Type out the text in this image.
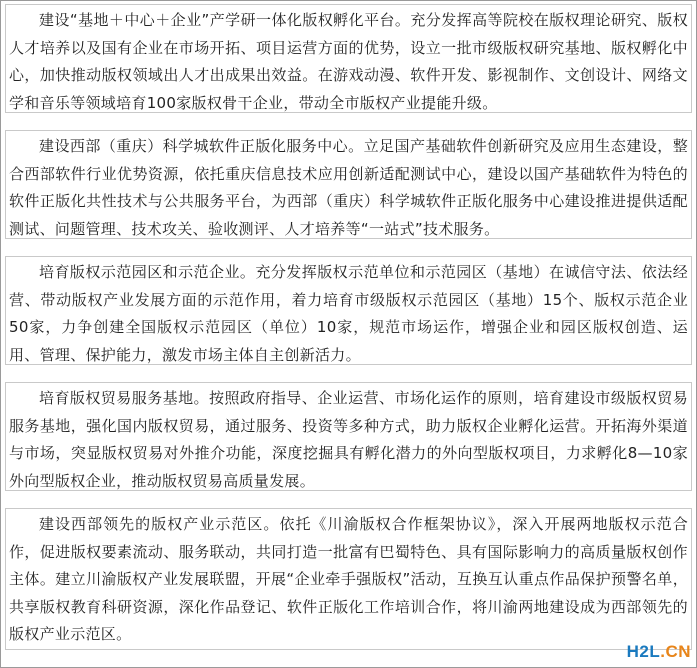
建设“基地＋中心＋企业”产学研一体化版权孵化平台。充分发挥高等院校在版权理论研究、版权人才培养以及国有企业在市场开拓、项目运营方面的优势，设立一批市级版权研究基地、版权孵化中心，加快推动版权领域出人才出成果出效益。在游戏动漫、软件开发、影视制作、文创设计、网络文学和音乐等领域培育100家版权骨干企业，带动全市版权产业提能升级。

建设西部（重庆）科学城软件正版化服务中心。立足国产基础软件创新研究及应用生态建设，整合西部软件行业优势资源，依托重庆信息技术应用创新适配测试中心，建设以国产基础软件为特色的软件正版化共性技术与公共服务平台，为西部（重庆）科学城软件正版化服务中心建设推进提供适配测试、问题管理、技术攻关、验收测评、人才培养等“一站式”技术服务。

培育版权示范园区和示范企业。充分发挥版权示范单位和示范园区（基地）在诚信守法、依法经营、带动版权产业发展方面的示范作用，着力培育市级版权示范园区（基地）15个、版权示范企业50家，力争创建全国版权示范园区（单位）10家，规范市场运作，增强企业和园区版权创造、运用、管理、保护能力，激发市场主体自主创新活力。

培育版权贸易服务基地。按照政府指导、企业运营、市场化运作的原则，培育建设市级版权贸易服务基地，强化国内版权贸易，通过服务、投资等多种方式，助力版权企业孵化运营。开拓海外渠道与市场，突显版权贸易对外推介功能，深度挖掘具有孵化潜力的外向型版权项目，力求孵化8—10家外向型版权企业，推动版权贸易高质量发展。

建设西部领先的版权产业示范区。依托《川渝版权合作框架协议》，深入开展两地版权示范合作，促进版权要素流动、服务联动，共同打造一批富有巴蜀特色、具有国际影响力的高质量版权创作主体。建立川渝版权产业发展联盟，开展“企业牵手强版权”活动，互换互认重点作品保护预警名单，共享版权教育科研资源，深化作品登记、软件正版化工作培训合作，将川渝两地建设成为西部领先的版权产业示范区。

H2L.CN
